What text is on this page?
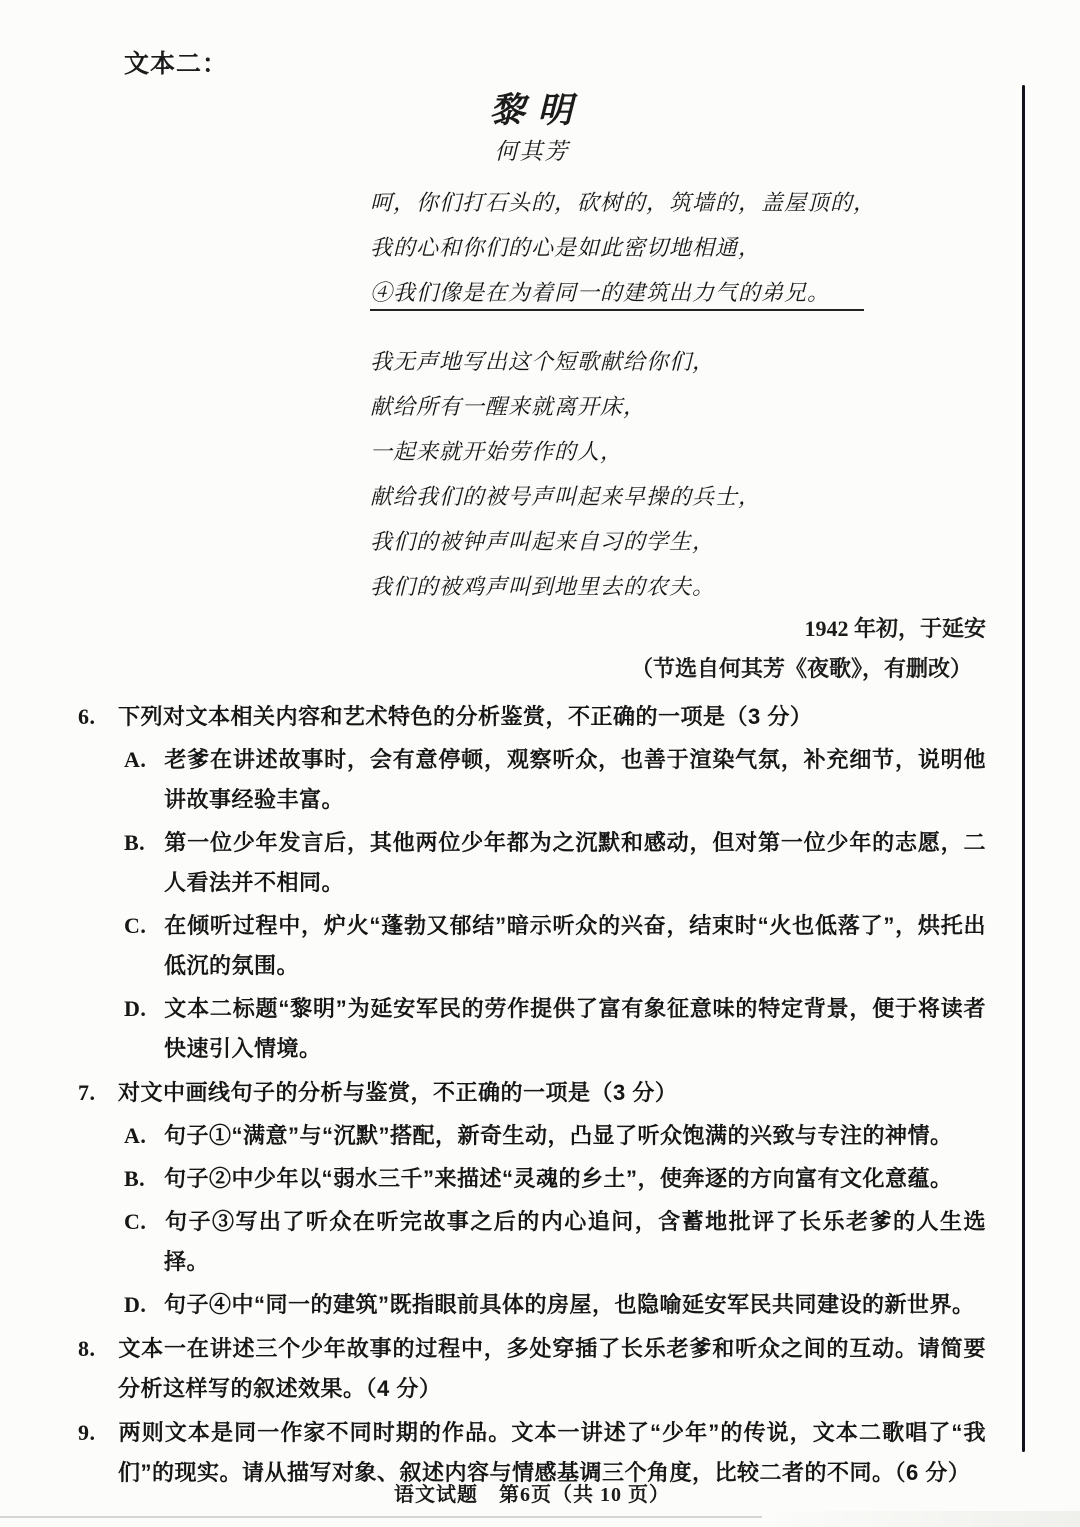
文本二：
黎 明
何其芳
呵，你们打石头的，砍树的，筑墙的，盖屋顶的，
我的心和你们的心是如此密切地相通，
④我们像是在为着同一的建筑出力气的弟兄。
我无声地写出这个短歌献给你们，
献给所有一醒来就离开床，
一起来就开始劳作的人，
献给我们的被号声叫起来早操的兵士，
我们的被钟声叫起来自习的学生，
我们的被鸡声叫到地里去的农夫。
1942 年初，于延安
（节选自何其芳《夜歌》，有删改）
6. 下列对文本相关内容和艺术特色的分析鉴赏，不正确的一项是（3 分）
A. 老爹在讲述故事时，会有意停顿，观察听众，也善于渲染气氛，补充细节，说明他讲故事经验丰富。
B. 第一位少年发言后，其他两位少年都为之沉默和感动，但对第一位少年的志愿，二人看法并不相同。
C. 在倾听过程中，炉火“蓬勃又郁结”暗示听众的兴奋，结束时“火也低落了”，烘托出低沉的氛围。
D. 文本二标题“黎明”为延安军民的劳作提供了富有象征意味的特定背景，便于将读者快速引入情境。
7. 对文中画线句子的分析与鉴赏，不正确的一项是（3 分）
A. 句子①“满意”与“沉默”搭配，新奇生动，凸显了听众饱满的兴致与专注的神情。
B. 句子②中少年以“弱水三千”来描述“灵魂的乡土”，使奔逐的方向富有文化意蕴。
C. 句子③写出了听众在听完故事之后的内心追问，含蓄地批评了长乐老爹的人生选择。
D. 句子④中“同一的建筑”既指眼前具体的房屋，也隐喻延安军民共同建设的新世界。
8. 文本一在讲述三个少年故事的过程中，多处穿插了长乐老爹和听众之间的互动。请简要分析这样写的叙述效果。（4 分）
9. 两则文本是同一作家不同时期的作品。文本一讲述了“少年”的传说，文本二歌唱了“我们”的现实。请从描写对象、叙述内容与情感基调三个角度，比较二者的不同。（6 分）
语文试题　第6页（共 10 页）
